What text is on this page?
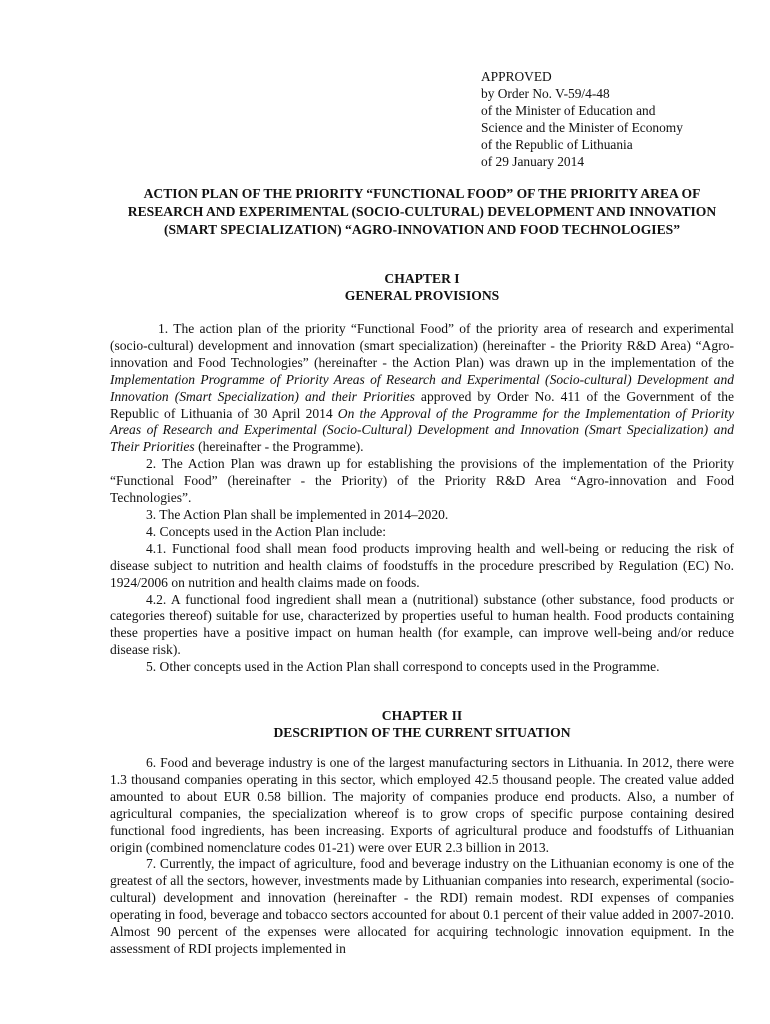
APPROVED
by Order No. V-59/4-48
of the Minister of Education and
Science and the Minister of Economy
of the Republic of Lithuania
of 29 January 2014
ACTION PLAN OF THE PRIORITY “FUNCTIONAL FOOD” OF THE PRIORITY AREA OF RESEARCH AND EXPERIMENTAL (SOCIO-CULTURAL) DEVELOPMENT AND INNOVATION (SMART SPECIALIZATION) “AGRO-INNOVATION AND FOOD TECHNOLOGIES”
CHAPTER I
GENERAL PROVISIONS

1. The action plan of the priority “Functional Food” of the priority area of research and experimental (socio-cultural) development and innovation (smart specialization) (hereinafter - the Priority R&D Area) “Agro-innovation and Food Technologies” (hereinafter - the Action Plan) was drawn up in the implementation of the Implementation Programme of Priority Areas of Research and Experimental (Socio-cultural) Development and Innovation (Smart Specialization) and their Priorities approved by Order No. 411 of the Government of the Republic of Lithuania of 30 April 2014 On the Approval of the Programme for the Implementation of Priority Areas of Research and Experimental (Socio-Cultural) Development and Innovation (Smart Specialization) and Their Priorities (hereinafter - the Programme).

2. The Action Plan was drawn up for establishing the provisions of the implementation of the Priority “Functional Food” (hereinafter - the Priority) of the Priority R&D Area “Agro-innovation and Food Technologies”.

3. The Action Plan shall be implemented in 2014–2020.

4. Concepts used in the Action Plan include:

4.1. Functional food shall mean food products improving health and well-being or reducing the risk of disease subject to nutrition and health claims of foodstuffs in the procedure prescribed by Regulation (EC) No. 1924/2006 on nutrition and health claims made on foods.

4.2. A functional food ingredient shall mean a (nutritional) substance (other substance, food products or categories thereof) suitable for use, characterized by properties useful to human health. Food products containing these properties have a positive impact on human health (for example, can improve well-being and/or reduce disease risk).

5. Other concepts used in the Action Plan shall correspond to concepts used in the Programme.

CHAPTER II
DESCRIPTION OF THE CURRENT SITUATION

6. Food and beverage industry is one of the largest manufacturing sectors in Lithuania. In 2012, there were 1.3 thousand companies operating in this sector, which employed 42.5 thousand people. The created value added amounted to about EUR 0.58 billion. The majority of companies produce end products. Also, a number of agricultural companies, the specialization whereof is to grow crops of specific purpose containing desired functional food ingredients, has been increasing. Exports of agricultural produce and foodstuffs of Lithuanian origin (combined nomenclature codes 01-21) were over EUR 2.3 billion in 2013.

7. Currently, the impact of agriculture, food and beverage industry on the Lithuanian economy is one of the greatest of all the sectors, however, investments made by Lithuanian companies into research, experimental (socio-cultural) development and innovation (hereinafter - the RDI) remain modest. RDI expenses of companies operating in food, beverage and tobacco sectors accounted for about 0.1 percent of their value added in 2007-2010. Almost 90 percent of the expenses were allocated for acquiring technologic innovation equipment. In the assessment of RDI projects implemented in
